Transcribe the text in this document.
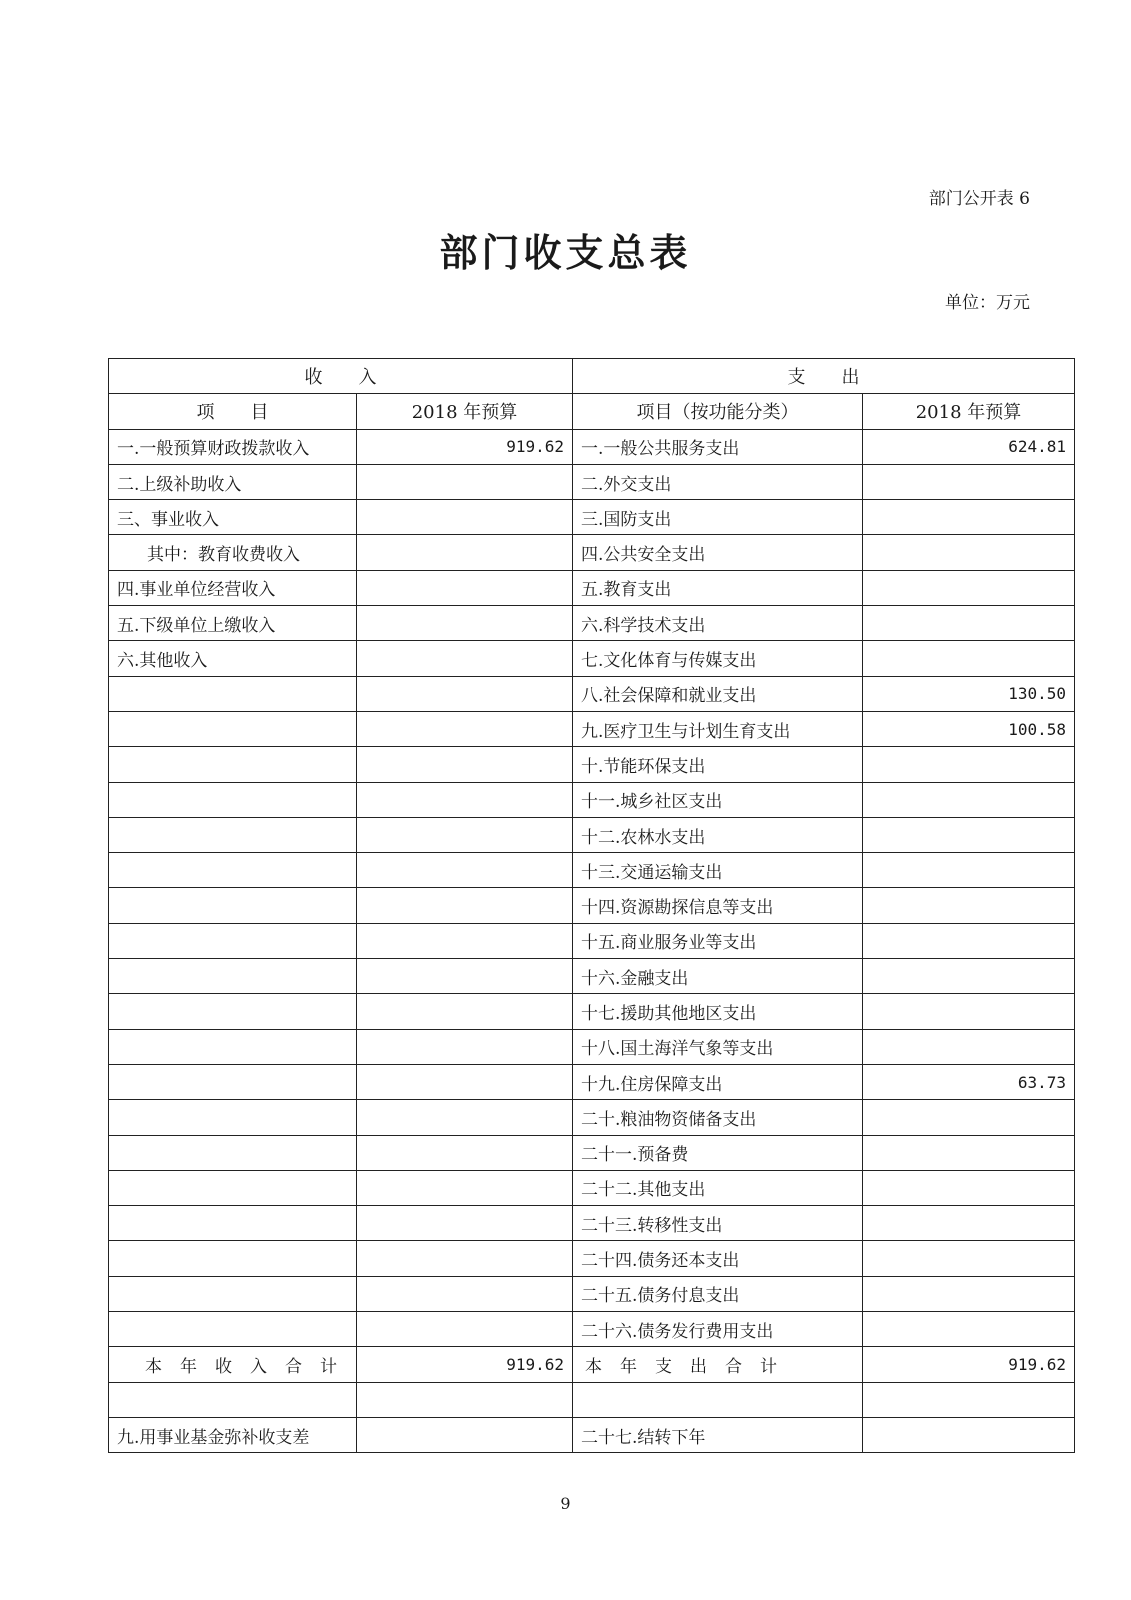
部门公开表 6
部门收支总表
单位：万元
收　　入		支　　出	
项　　目	2018 年预算	项目（按功能分类）	2018 年预算
一.一般预算财政拨款收入	919.62	一.一般公共服务支出	624.81
二.上级补助收入		二.外交支出	
三、事业收入		三.国防支出	
其中：教育收费收入		四.公共安全支出	
四.事业单位经营收入		五.教育支出	
五.下级单位上缴收入		六.科学技术支出	
六.其他收入		七.文化体育与传媒支出	
		八.社会保障和就业支出	130.50
		九.医疗卫生与计划生育支出	100.58
		十.节能环保支出	
		十一.城乡社区支出	
		十二.农林水支出	
		十三.交通运输支出	
		十四.资源勘探信息等支出	
		十五.商业服务业等支出	
		十六.金融支出	
		十七.援助其他地区支出	
		十八.国土海洋气象等支出	
		十九.住房保障支出	63.73
		二十.粮油物资储备支出	
		二十一.预备费	
		二十二.其他支出	
		二十三.转移性支出	
		二十四.债务还本支出	
		二十五.债务付息支出	
		二十六.债务发行费用支出	
本年收入合计	919.62	本年支出合计	919.62

九.用事业基金弥补收支差		二十七.结转下年	
9
